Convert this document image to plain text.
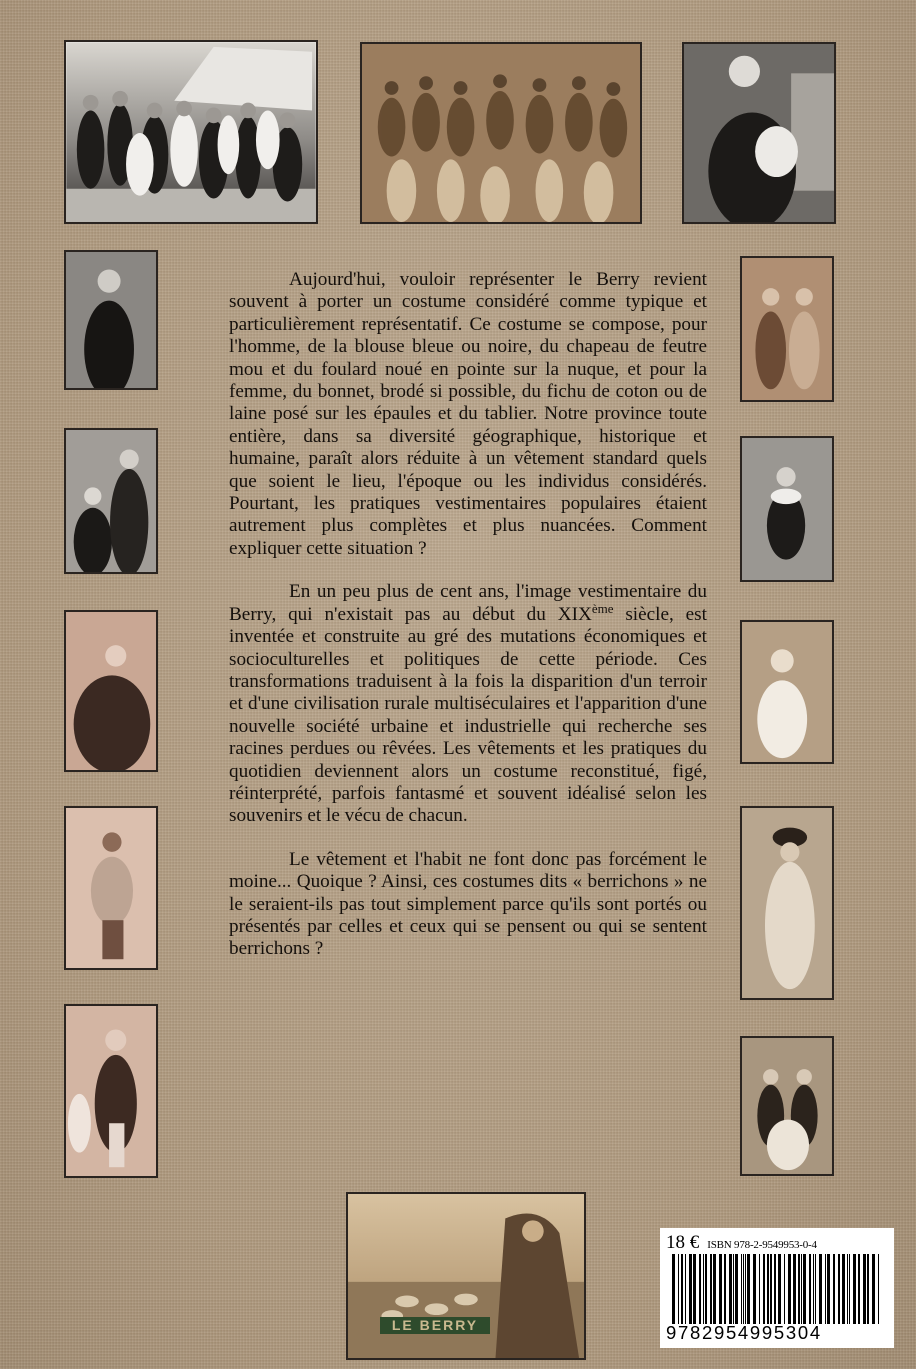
Aujourd'hui, vouloir représenter le Berry revient souvent à porter un costume considéré comme typique et particulièrement représentatif. Ce costume se compose, pour l'homme, de la blouse bleue ou noire, du chapeau de feutre mou et du foulard noué en pointe sur la nuque, et pour la femme, du bonnet, brodé si possible, du fichu de coton ou de laine posé sur les épaules et du tablier. Notre province toute entière, dans sa diversité géographique, historique et humaine, paraît alors réduite à un vêtement standard quels que soient le lieu, l'époque ou les individus considérés. Pourtant, les pratiques vestimentaires populaires étaient autrement plus complètes et plus nuancées. Comment expliquer cette situation ?

En un peu plus de cent ans, l'image vestimentaire du Berry, qui n'existait pas au début du XIXème siècle, est inventée et construite au gré des mutations économiques et socioculturelles et politiques de cette période. Ces transformations traduisent à la fois la disparition d'un terroir et d'une civilisation rurale multiséculaires et l'apparition d'une nouvelle société urbaine et industrielle qui recherche ses racines perdues ou rêvées. Les vêtements et les pratiques du quotidien deviennent alors un costume reconstitué, figé, réinterprété, parfois fantasmé et souvent idéalisé selon les souvenirs et le vécu de chacun.

Le vêtement et l'habit ne font donc pas forcément le moine... Quoique ? Ainsi, ces costumes dits « berrichons » ne le seraient-ils pas tout simplement parce qu'ils sont portés ou présentés par celles et ceux qui se pensent ou qui se sentent berrichons ?

LE BERRY
18 € ISBN 978-2-9549953-0-4
9782954995304
